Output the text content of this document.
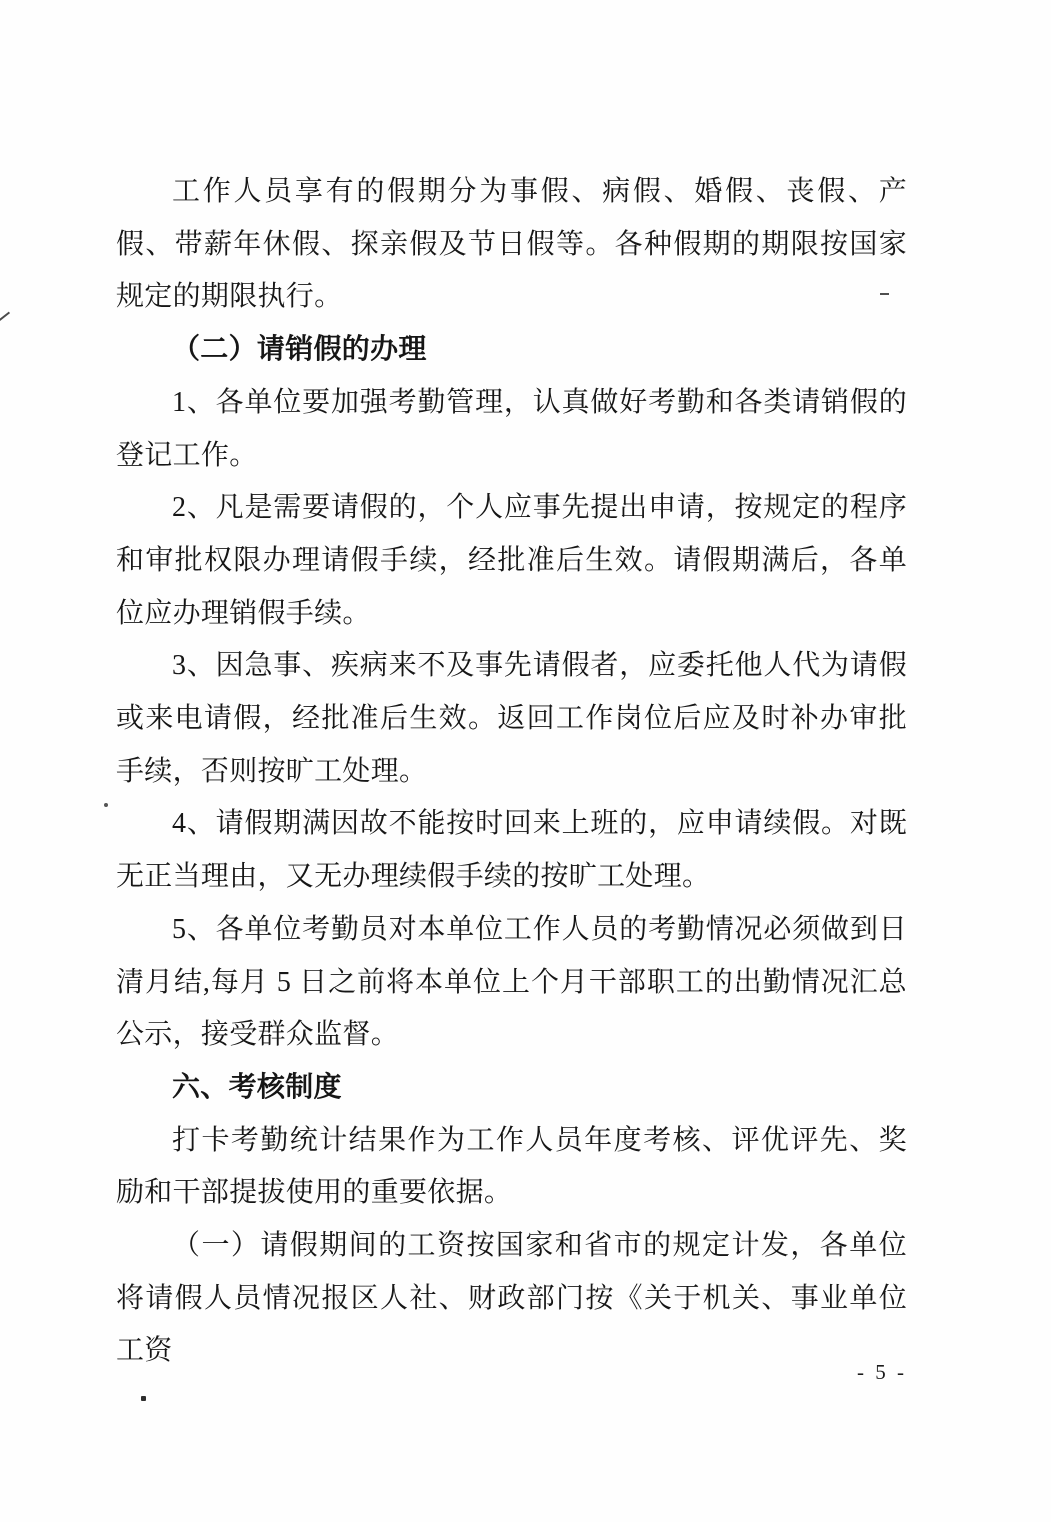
工作人员享有的假期分为事假、病假、婚假、丧假、产假、带薪年休假、探亲假及节日假等。各种假期的期限按国家规定的期限执行。
（二）请销假的办理
1、各单位要加强考勤管理，认真做好考勤和各类请销假的登记工作。
2、凡是需要请假的，个人应事先提出申请，按规定的程序和审批权限办理请假手续，经批准后生效。请假期满后，各单位应办理销假手续。
3、因急事、疾病来不及事先请假者，应委托他人代为请假或来电请假，经批准后生效。返回工作岗位后应及时补办审批手续，否则按旷工处理。
4、请假期满因故不能按时回来上班的，应申请续假。对既无正当理由，又无办理续假手续的按旷工处理。
5、各单位考勤员对本单位工作人员的考勤情况必须做到日清月结,每月 5 日之前将本单位上个月干部职工的出勤情况汇总公示，接受群众监督。
六、考核制度
打卡考勤统计结果作为工作人员年度考核、评优评先、奖励和干部提拔使用的重要依据。
（一）请假期间的工资按国家和省市的规定计发，各单位将请假人员情况报区人社、财政部门按《关于机关、事业单位工资
- 5 -
